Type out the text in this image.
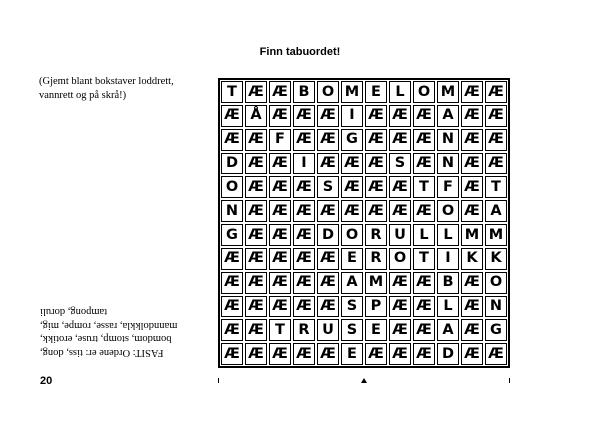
Finn tabuordet!
(Gjemt blant bokstaver loddrett, vannrett og på skrå!)
FASIT: Ordene er: tiss, dong,
bomdom, stomp, truse, erotikk,
manndolkkla, rasse, rompe, mig,
tampong, doruli
20
T Æ Æ B O M E L O M Æ Æ
Æ Å Æ Æ Æ I Æ Æ Æ A Æ Æ
Æ Æ F Æ Æ G Æ Æ Æ N Æ Æ
D Æ Æ I Æ Æ Æ S Æ N Æ Æ
O Æ Æ Æ S Æ Æ Æ T F Æ T
N Æ Æ Æ Æ Æ Æ Æ Æ O Æ A
G Æ Æ Æ D O R U L	L M M
Æ Æ Æ Æ Æ E R O T	I	K K
Æ Æ Æ Æ Æ A M Æ Æ B Æ O
Æ Æ Æ Æ Æ S P Æ Æ L Æ N
Æ Æ T R U S E Æ Æ A Æ G
Æ Æ Æ Æ Æ E Æ Æ Æ D Æ Æ
